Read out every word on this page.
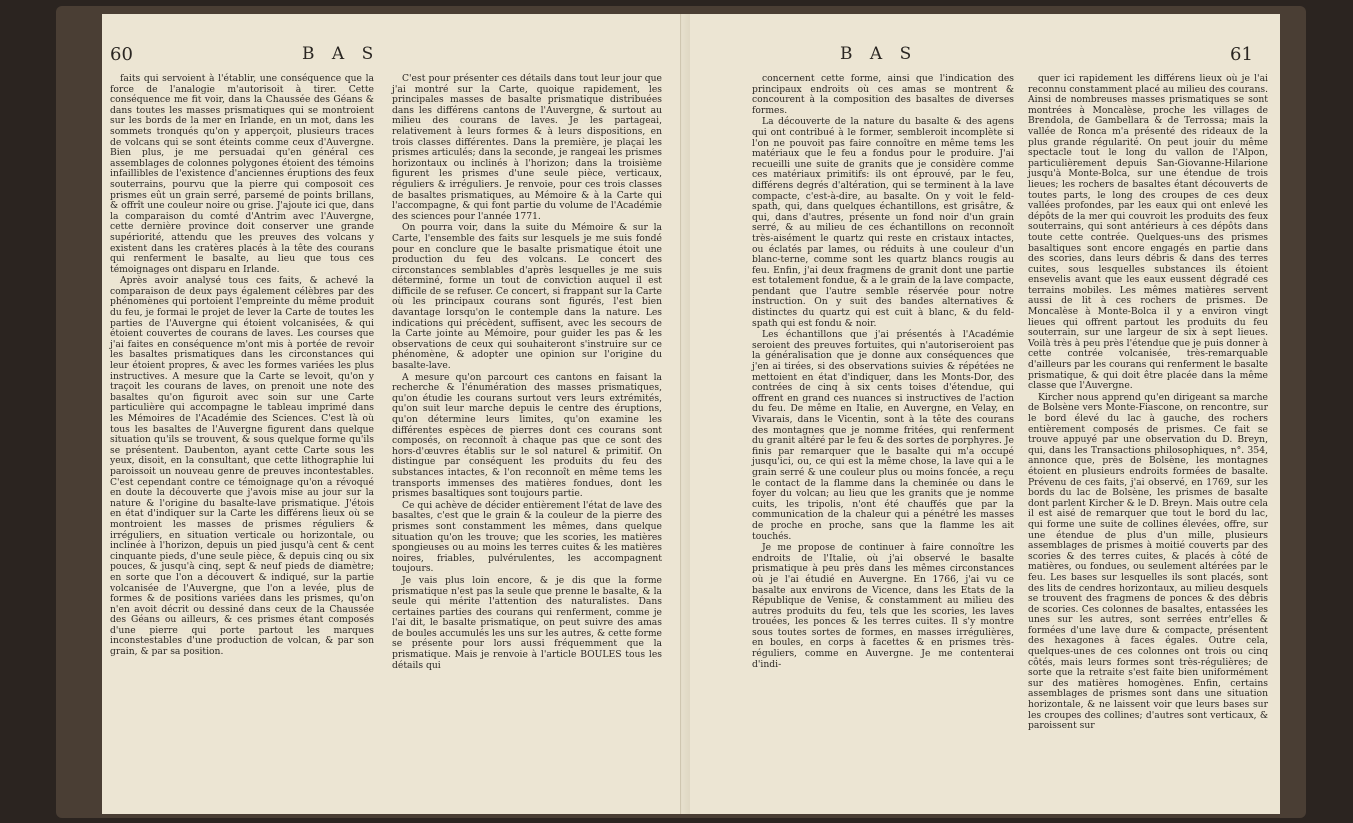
60	B A S

faits qui servoient à l'établir, une conséquence que la force de l'analogie m'autorisoit à tirer. Cette conséquence me fit voir, dans la Chaussée des Géans & dans toutes les masses prismatiques qui se montroient sur les bords de la mer en Irlande, en un mot, dans les sommets tronqués qu'on y apperçoit, plusieurs traces de volcans qui se sont éteints comme ceux d'Auvergne. Bien plus, je me persuadai qu'en général ces assemblages de colonnes polygones étoient des témoins infaillibles de l'existence d'anciennes éruptions des feux souterrains, pourvu que la pierre qui composoit ces prismes eût un grain serré, parsemé de points brillans, & offrît une couleur noire ou grise. J'ajoute ici que, dans la comparaison du comté d'Antrim avec l'Auvergne, cette dernière province doit conserver une grande supériorité, attendu que les preuves des volcans y existent dans les cratères placés à la tête des courans qui renferment le basalte, au lieu que tous ces témoignages ont disparu en Irlande.

Après avoir analysé tous ces faits, & achevé la comparaison de deux pays également célèbres par des phénomènes qui portoient l'empreinte du même produit du feu, je formai le projet de lever la Carte de toutes les parties de l'Auvergne qui étoient volcanisées, & qui étoient couvertes de courans de laves. Les courses que j'ai faites en conséquence m'ont mis à portée de revoir les basaltes prismatiques dans les circonstances qui leur étoient propres, & avec les formes variées les plus instructives. A mesure que la Carte se levoit, qu'on y traçoit les courans de laves, on prenoit une note des basaltes qu'on figuroit avec soin sur une Carte particulière qui accompagne le tableau imprimé dans les Mémoires de l'Académie des Sciences. C'est là où tous les basaltes de l'Auvergne figurent dans quelque situation qu'ils se trouvent, & sous quelque forme qu'ils se présentent. Daubenton, ayant cette Carte sous les yeux, disoit, en la consultant, que cette lithographie lui paroissoit un nouveau genre de preuves incontestables. C'est cependant contre ce témoignage qu'on a révoqué en doute la découverte que j'avois mise au jour sur la nature & l'origine du basalte-lave prismatique. J'étois en état d'indiquer sur la Carte les différens lieux où se montroient les masses de prismes réguliers & irréguliers, en situation verticale ou horizontale, ou inclinée à l'horizon, depuis un pied jusqu'à cent & cent cinquante pieds, d'une seule pièce, & depuis cinq ou six pouces, & jusqu'à cinq, sept & neuf pieds de diamètre; en sorte que l'on a découvert & indiqué, sur la partie volcanisée de l'Auvergne, que l'on a levée, plus de formes & de positions variées dans les prismes, qu'on n'en avoit décrit ou dessiné dans ceux de la Chaussée des Géans ou ailleurs, & ces prismes étant composés d'une pierre qui porte partout les marques inconstestables d'une production de volcan, & par son grain, & par sa position.

C'est pour présenter ces détails dans tout leur jour que j'ai montré sur la Carte, quoique rapidement, les principales masses de basalte prismatique distribuées dans les différens cantons de l'Auvergne, & surtout au milieu des courans de laves. Je les partageai, relativement à leurs formes & à leurs dispositions, en trois classes différentes. Dans la première, je plaçai les prismes articulés; dans la seconde, je rangeai les prismes horizontaux ou inclinés à l'horizon; dans la troisième figurent les prismes d'une seule pièce, verticaux, réguliers & irréguliers. Je renvoie, pour ces trois classes de basaltes prismatiques, au Mémoire & à la Carte qui l'accompagne, & qui font partie du volume de l'Académie des sciences pour l'année 1771.

On pourra voir, dans la suite du Mémoire & sur la Carte, l'ensemble des faits sur lesquels je me suis fondé pour en conclure que le basalte prismatique étoit une production du feu des volcans. Le concert des circonstances semblables d'après lesquelles je me suis déterminé, forme un tout de conviction auquel il est difficile de se refuser. Ce concert, si frappant sur la Carte où les principaux courans sont figurés, l'est bien davantage lorsqu'on le contemple dans la nature. Les indications qui précèdent, suffisent, avec les secours de la Carte jointe au Mémoire, pour guider les pas & les observations de ceux qui souhaiteront s'instruire sur ce phénomène, & adopter une opinion sur l'origine du basalte-lave.

A mesure qu'on parcourt ces cantons en faisant la recherche & l'énumération des masses prismatiques, qu'on étudie les courans surtout vers leurs extrémités, qu'on suit leur marche depuis le centre des éruptions, qu'on détermine leurs limites, qu'on examine les différentes espèces de pierres dont ces courans sont composés, on reconnoît à chaque pas que ce sont des hors-d'œuvres établis sur le sol naturel & primitif. On distingue par conséquent les produits du feu des substances intactes, & l'on reconnoît en même tems les transports immenses des matières fondues, dont les prismes basaltiques sont toujours partie.

Ce qui achève de décider entièrement l'état de lave des basaltes, c'est que le grain & la couleur de la pierre des prismes sont constamment les mêmes, dans quelque situation qu'on les trouve; que les scories, les matières spongieuses ou au moins les terres cuites & les matières noires, friables, pulvérulentes, les accompagnent toujours.

Je vais plus loin encore, & je dis que la forme prismatique n'est pas la seule que prenne le basalte, & la seule qui mérite l'attention des naturalistes. Dans certaines parties des courans qui renferment, comme je l'ai dit, le basalte prismatique, on peut suivre des amas de boules accumulés les uns sur les autres, & cette forme se présente pour lors aussi fréquemment que la prismatique. Mais je renvoie à l'article BOULES tous les détails qui

B A S	61

concernent cette forme, ainsi que l'indication des principaux endroits où ces amas se montrent & concourent à la composition des basaltes de diverses formes.

La découverte de la nature du basalte & des agens qui ont contribué à le former, sembleroit incomplète si l'on ne pouvoit pas faire connoître en même tems les matériaux que le feu a fondus pour le produire. J'ai recueilli une suite de granits que je considère comme ces matériaux primitifs: ils ont éprouvé, par le feu, différens degrés d'altération, qui se terminent à la lave compacte, c'est-à-dire, au basalte. On y voit le feld-spath, qui, dans quelques échantillons, est grisâtre, & qui, dans d'autres, présente un fond noir d'un grain serré, & au milieu de ces échantillons on reconnoît très-aisément le quartz qui reste en cristaux intactes, ou éclatés par lames, ou réduits à une couleur d'un blanc-terne, comme sont les quartz blancs rougis au feu. Enfin, j'ai deux fragmens de granit dont une partie est totalement fondue, & a le grain de la lave compacte, pendant que l'autre semble réservée pour notre instruction. On y suit des bandes alternatives & distinctes du quartz qui est cuit à blanc, & du feld-spath qui est fondu & noir.

Les échantillons que j'ai présentés à l'Académie seroient des preuves fortuites, qui n'autoriseroient pas la généralisation que je donne aux conséquences que j'en ai tirées, si des observations suivies & répétées ne mettoient en état d'indiquer, dans les Monts-Dor, des contrées de cinq à six cents toises d'étendue, qui offrent en grand ces nuances si instructives de l'action du feu. De même en Italie, en Auvergne, en Velay, en Vivarais, dans le Vicentin, sont à la tête des courans des montagnes que je nomme fritées, qui renferment du granit altéré par le feu & des sortes de porphyres. Je finis par remarquer que le basalte qui m'a occupé jusqu'ici, ou, ce qui est la même chose, la lave qui a le grain serré & une couleur plus ou moins foncée, a reçu le contact de la flamme dans la cheminée ou dans le foyer du volcan; au lieu que les granits que je nomme cuits, les tripolis, n'ont été chauffés que par la communication de la chaleur qui a pénétré les masses de proche en proche, sans que la flamme les ait touchés.

Je me propose de continuer à faire connoître les endroits de l'Italie, où j'ai observé le basalte prismatique à peu près dans les mêmes circonstances où je l'ai étudié en Auvergne. En 1766, j'ai vu ce basalte aux environs de Vicence, dans les Etats de la République de Venise, & constamment au milieu des autres produits du feu, tels que les scories, les laves trouées, les ponces & les terres cuites. Il s'y montre sous toutes sortes de formes, en masses irrégulières, en boules, en corps à facettes & en prismes très-réguliers, comme en Auvergne. Je me contenterai d'indi-

quer ici rapidement les différens lieux où je l'ai reconnu constamment placé au milieu des courans. Ainsi de nombreuses masses prismatiques se sont montrées à Moncalèse, proche les villages de Brendola, de Gambellara & de Terrossa; mais la vallée de Ronca m'a présenté des rideaux de la plus grande régularité. On peut jouir du même spectacle tout le long du vallon de l'Alpon, particulièrement depuis San-Giovanne-Hilarione jusqu'à Monte-Bolca, sur une étendue de trois lieues; les rochers de basaltes étant découverts de toutes parts, le long des croupes de ces deux vallées profondes, par les eaux qui ont enlevé les dépôts de la mer qui couvroit les produits des feux souterrains, qui sont antérieurs à ces dépôts dans toute cette contrée. Quelques-uns des prismes basaltiques sont encore engagés en partie dans des scories, dans leurs débris & dans des terres cuites, sous lesquelles substances ils étoient ensevelis avant que les eaux eussent dégradé ces terrains mobiles. Les mêmes matières servent aussi de lit à ces rochers de prismes. De Moncalèse à Monte-Bolca il y a environ vingt lieues qui offrent partout les produits du feu souterrain, sur une largeur de six à sept lieues. Voilà très à peu près l'étendue que je puis donner à cette contrée volcanisée, très-remarquable d'ailleurs par les courans qui renferment le basalte prismatique, & qui doit être placée dans la même classe que l'Auvergne.

Kircher nous apprend qu'en dirigeant sa marche de Bolsène vers Monte-Fiascone, on rencontre, sur le bord élevé du lac à gauche, des rochers entièrement composés de prismes. Ce fait se trouve appuyé par une observation du D. Breyn, qui, dans les Transactions philosophiques, n°. 354, annonce que, près de Bolsène, les montagnes étoient en plusieurs endroits formées de basalte. Prévenu de ces faits, j'ai observé, en 1769, sur les bords du lac de Bolsène, les prismes de basalte dont parlent Kircher & le D. Breyn. Mais outre cela il est aisé de remarquer que tout le bord du lac, qui forme une suite de collines élevées, offre, sur une étendue de plus d'un mille, plusieurs assemblages de prismes à moitié couverts par des scories & des terres cuites, & placés à côté de matières, ou fondues, ou seulement altérées par le feu. Les bases sur lesquelles ils sont placés, sont des lits de cendres horizontaux, au milieu desquels se trouvent des fragmens de ponces & des débris de scories. Ces colonnes de basaltes, entassées les unes sur les autres, sont serrées entr'elles & formées d'une lave dure & compacte, présentent des hexagones à faces égales. Outre cela, quelques-unes de ces colonnes ont trois ou cinq côtés, mais leurs formes sont très-régulières; de sorte que la retraite s'est faite bien uniformément sur des matières homogènes. Enfin, certains assemblages de prismes sont dans une situation horizontale, & ne laissent voir que leurs bases sur les croupes des collines; d'autres sont verticaux, & paroissent sur
